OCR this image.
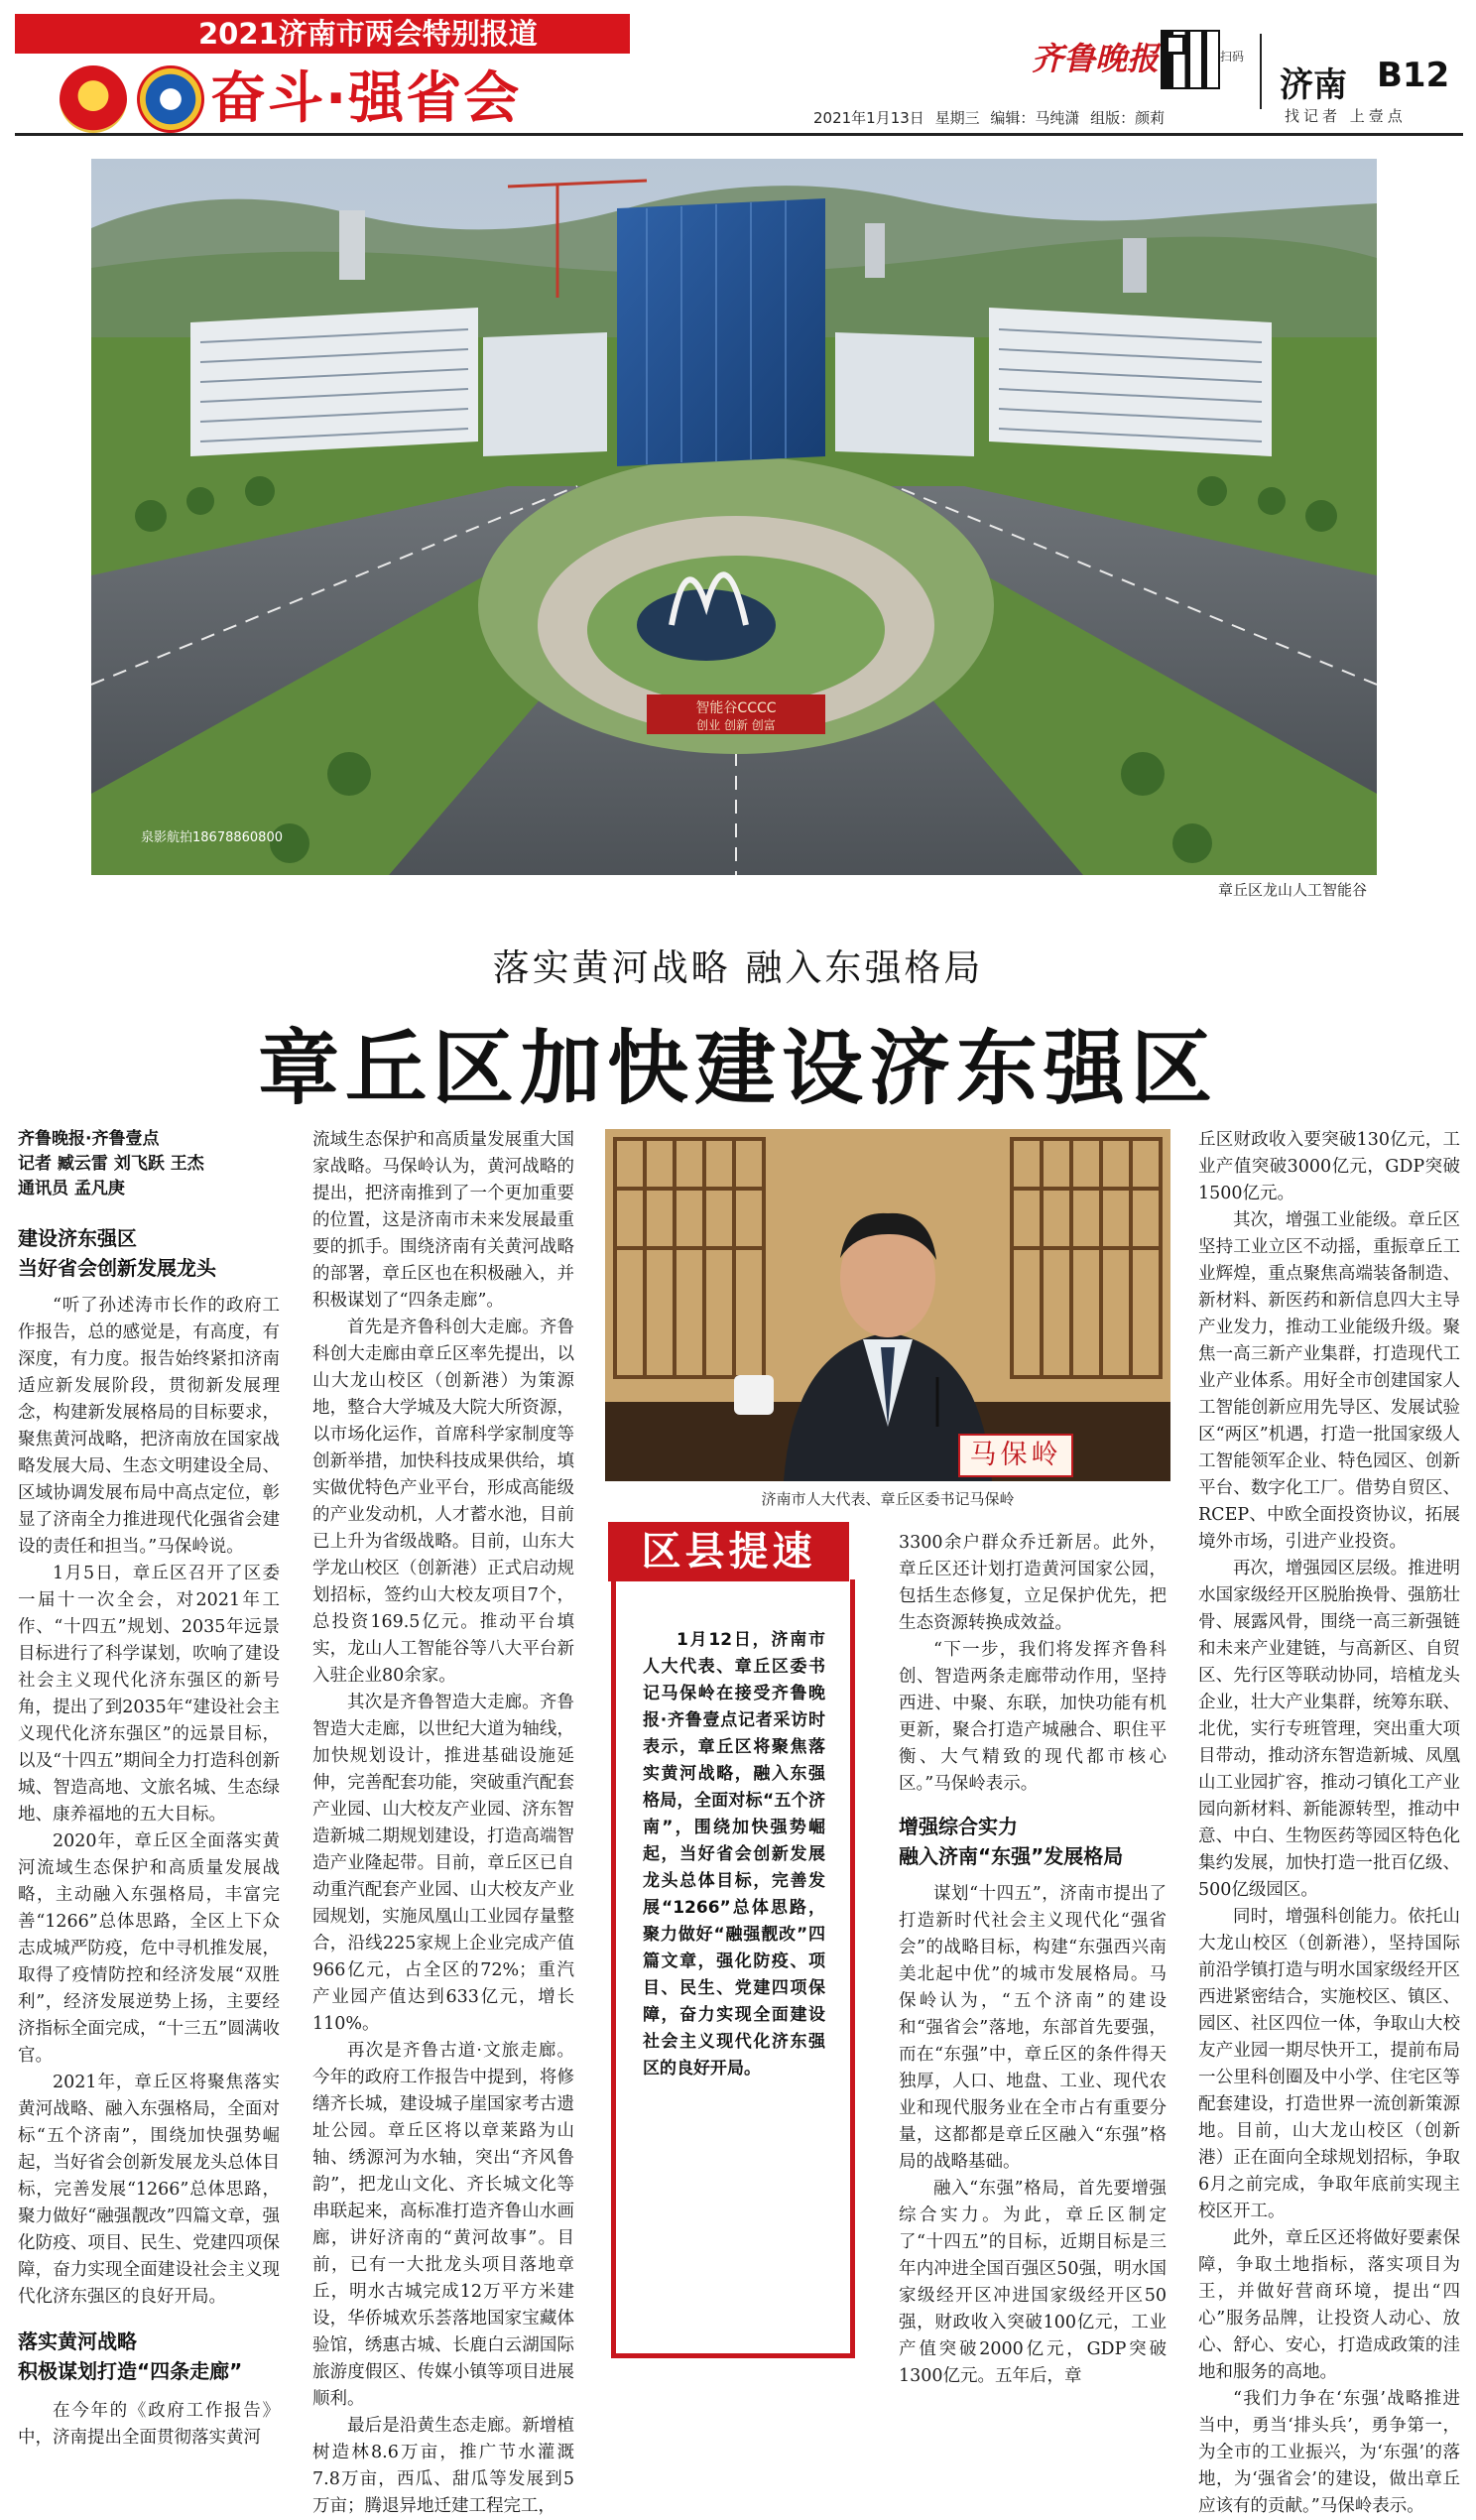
2021济南市两会特别报道
奋斗·强省会
齐鲁晚报	扫码
济南 B12
找记者 上壹点
2021年1月13日 星期三 编辑：马纯潇 组版：颜莉
智能谷CCCC
创业 创新 创富
泉影航拍18678860800
章丘区龙山人工智能谷
落实黄河战略 融入东强格局
章丘区加快建设济东强区
齐鲁晚报·齐鲁壹点
记者 臧云雷 刘飞跃 王杰
通讯员 孟凡庚
建设济东强区
当好省会创新发展龙头

“听了孙述涛市长作的政府工作报告，总的感觉是，有高度，有深度，有力度。报告始终紧扣济南适应新发展阶段，贯彻新发展理念，构建新发展格局的目标要求，聚焦黄河战略，把济南放在国家战略发展大局、生态文明建设全局、区域协调发展布局中高点定位，彰显了济南全力推进现代化强省会建设的责任和担当。”马保岭说。

1月5日，章丘区召开了区委一届十一次全会，对2021年工作、“十四五”规划、2035年远景目标进行了科学谋划，吹响了建设社会主义现代化济东强区的新号角，提出了到2035年“建设社会主义现代化济东强区”的远景目标，以及“十四五”期间全力打造科创新城、智造高地、文旅名城、生态绿地、康养福地的五大目标。

2020年，章丘区全面落实黄河流域生态保护和高质量发展战略，主动融入东强格局，丰富完善“1266”总体思路，全区上下众志成城严防疫，危中寻机推发展，取得了疫情防控和经济发展“双胜利”，经济发展逆势上扬，主要经济指标全面完成，“十三五”圆满收官。

2021年，章丘区将聚焦落实黄河战略、融入东强格局，全面对标“五个济南”，围绕加快强势崛起，当好省会创新发展龙头总体目标，完善发展“1266”总体思路，聚力做好“融强靓改”四篇文章，强化防疫、项目、民生、党建四项保障，奋力实现全面建设社会主义现代化济东强区的良好开局。

落实黄河战略
积极谋划打造“四条走廊”

在今年的《政府工作报告》中，济南提出全面贯彻落实黄河

流域生态保护和高质量发展重大国家战略。马保岭认为，黄河战略的提出，把济南推到了一个更加重要的位置，这是济南市未来发展最重要的抓手。围绕济南有关黄河战略的部署，章丘区也在积极融入，并积极谋划了“四条走廊”。

首先是齐鲁科创大走廊。齐鲁科创大走廊由章丘区率先提出，以山大龙山校区（创新港）为策源地，整合大学城及大院大所资源，以市场化运作，首席科学家制度等创新举措，加快科技成果供给，填实做优特色产业平台，形成高能级的产业发动机，人才蓄水池，目前已上升为省级战略。目前，山东大学龙山校区（创新港）正式启动规划招标，签约山大校友项目7个，总投资169.5亿元。推动平台填实，龙山人工智能谷等八大平台新入驻企业80余家。

其次是齐鲁智造大走廊。齐鲁智造大走廊，以世纪大道为轴线，加快规划设计，推进基础设施延伸，完善配套功能，突破重汽配套产业园、山大校友产业园、济东智造新城二期规划建设，打造高端智造产业隆起带。目前，章丘区已自动重汽配套产业园、山大校友产业园规划，实施凤凰山工业园存量整合，沿线225家规上企业完成产值966亿元，占全区的72%；重汽产业园产值达到633亿元，增长110%。

再次是齐鲁古道·文旅走廊。今年的政府工作报告中提到，将修缮齐长城，建设城子崖国家考古遗址公园。章丘区将以章莱路为山轴、绣源河为水轴，突出“齐风鲁韵”，把龙山文化、齐长城文化等串联起来，高标准打造齐鲁山水画廊，讲好济南的“黄河故事”。目前，已有一大批龙头项目落地章丘，明水古城完成12万平方米建设，华侨城欢乐荟落地国家宝藏体验馆，绣惠古城、长鹿白云湖国际旅游度假区、传媒小镇等项目进展顺利。

最后是沿黄生态走廊。新增植树造林8.6万亩，推广节水灌溉7.8万亩，西瓜、甜瓜等发展到5万亩；腾退异地迁建工程完工，

马保岭
济南市人大代表、章丘区委书记马保岭
区县提速

1月12日，济南市人大代表、章丘区委书记马保岭在接受齐鲁晚报·齐鲁壹点记者采访时表示，章丘区将聚焦落实黄河战略，融入东强格局，全面对标“五个济南”，围绕加快强势崛起，当好省会创新发展龙头总体目标，完善发展“1266”总体思路，聚力做好“融强靓改”四篇文章，强化防疫、项目、民生、党建四项保障，奋力实现全面建设社会主义现代化济东强区的良好开局。

3300余户群众乔迁新居。此外，章丘区还计划打造黄河国家公园，包括生态修复，立足保护优先，把生态资源转换成效益。

“下一步，我们将发挥齐鲁科创、智造两条走廊带动作用，坚持西进、中聚、东联，加快功能有机更新，聚合打造产城融合、职住平衡、大气精致的现代都市核心区。”马保岭表示。

增强综合实力
融入济南“东强”发展格局

谋划“十四五”，济南市提出了打造新时代社会主义现代化“强省会”的战略目标，构建“东强西兴南美北起中优”的城市发展格局。马保岭认为，“五个济南”的建设和“强省会”落地，东部首先要强，而在“东强”中，章丘区的条件得天独厚，人口、地盘、工业、现代农业和现代服务业在全市占有重要分量，这都都是章丘区融入“东强”格局的战略基础。

融入“东强”格局，首先要增强综合实力。为此，章丘区制定了“十四五”的目标，近期目标是三年内冲进全国百强区50强，明水国家级经开区冲进国家级经开区50强，财政收入突破100亿元，工业产值突破2000亿元，GDP突破1300亿元。五年后，章

丘区财政收入要突破130亿元，工业产值突破3000亿元，GDP突破1500亿元。

其次，增强工业能级。章丘区坚持工业立区不动摇，重振章丘工业辉煌，重点聚焦高端装备制造、新材料、新医药和新信息四大主导产业发力，推动工业能级升级。聚焦一高三新产业集群，打造现代工业产业体系。用好全市创建国家人工智能创新应用先导区、发展试验区“两区”机遇，打造一批国家级人工智能领军企业、特色园区、创新平台、数字化工厂。借势自贸区、RCEP、中欧全面投资协议，拓展境外市场，引进产业投资。

再次，增强园区层级。推进明水国家级经开区脱胎换骨、强筋壮骨、展露风骨，围绕一高三新强链和未来产业建链，与高新区、自贸区、先行区等联动协同，培植龙头企业，壮大产业集群，统筹东联、北优，实行专班管理，突出重大项目带动，推动济东智造新城、凤凰山工业园扩容，推动刁镇化工产业园向新材料、新能源转型，推动中意、中白、生物医药等园区特色化集约发展，加快打造一批百亿级、500亿级园区。

同时，增强科创能力。依托山大龙山校区（创新港），坚持国际前沿学镇打造与明水国家级经开区西进紧密结合，实施校区、镇区、园区、社区四位一体，争取山大校友产业园一期尽快开工，提前布局一公里科创圈及中小学、住宅区等配套建设，打造世界一流创新策源地。目前，山大龙山校区（创新港）正在面向全球规划招标，争取6月之前完成，争取年底前实现主校区开工。

此外，章丘区还将做好要素保障，争取土地指标，落实项目为王，并做好营商环境，提出“四心”服务品牌，让投资人动心、放心、舒心、安心，打造成政策的洼地和服务的高地。

“我们力争在‘东强’战略推进当中，勇当‘排头兵’，勇争第一，为全市的工业振兴，为‘东强’的落地，为‘强省会’的建设，做出章丘应该有的贡献。”马保岭表示。
